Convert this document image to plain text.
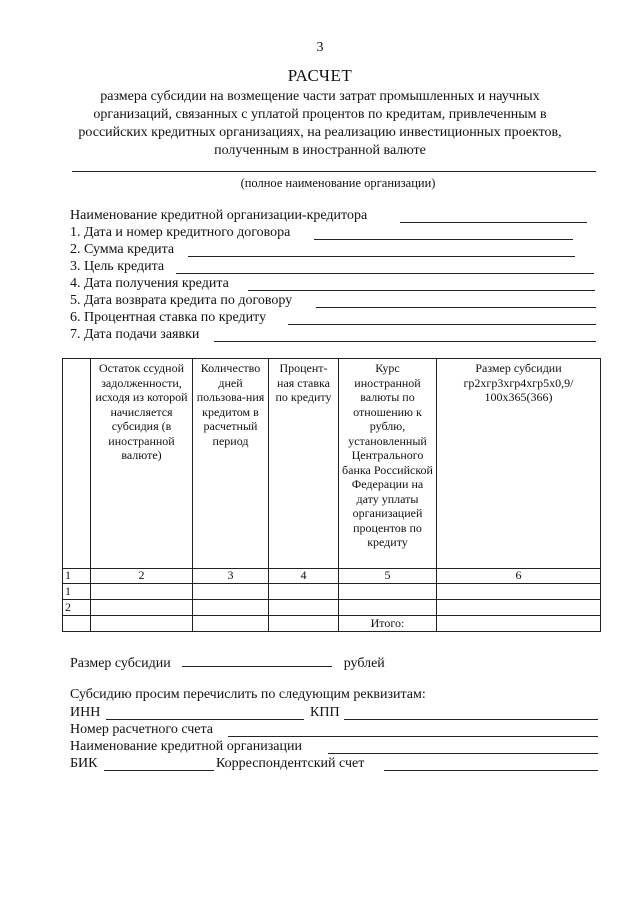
3
РАСЧЕТ
размера субсидии на возмещение части затрат промышленных и научных организаций, связанных с уплатой процентов по кредитам, привлеченным в российских кредитных организациях, на реализацию инвестиционных проектов, полученным в иностранной валюте
(полное наименование организации)
Наименование кредитной организации-кредитора
1. Дата и номер кредитного договора
2. Сумма кредита
3. Цель кредита
4. Дата получения кредита
5. Дата возврата кредита по договору
6. Процентная ставка по кредиту
7. Дата подачи заявки
	Остаток ссудной задолженности, исходя из которой начисляется субсидия (в иностранной валюте)	Количество дней пользова-ния кредитом в расчетный период	Процент-ная ставка по кредиту	Курс иностранной валюты по отношению к рублю, установленный Центрального банка Российской Федерации на дату уплаты организацией процентов по кредиту	Размер субсидии гр2хгр3хгр4хгр5х0,9/ 100х365(366)
1	2	3	4	5	6
1					
2					
				Итого:	
Размер субсидии	рублей
Субсидию просим перечислить по следующим реквизитам:
ИНН	КПП
Номер расчетного счета
Наименование кредитной организации
БИК	Корреспондентский счет
